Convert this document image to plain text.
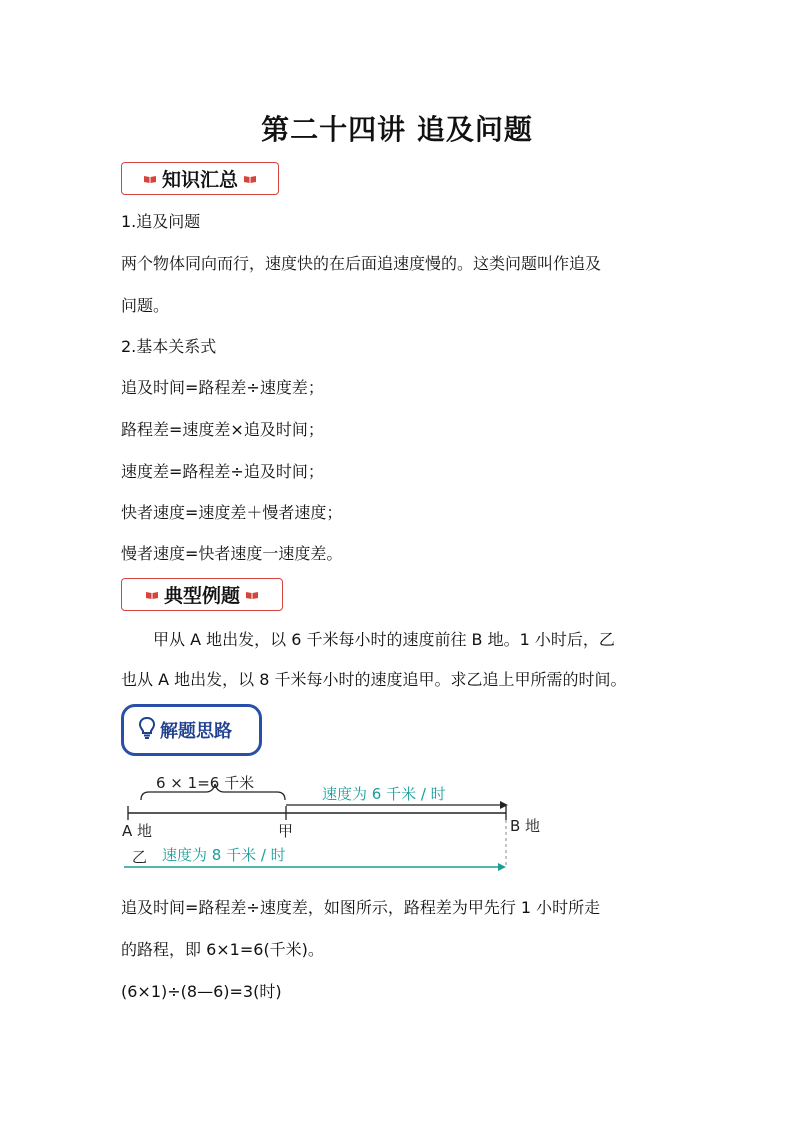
第二十四讲 追及问题
知识汇总
1.追及问题
两个物体同向而行，速度快的在后面追速度慢的。这类问题叫作追及
问题。
2.基本关系式
追及时间=路程差÷速度差；
路程差=速度差×追及时间；
速度差=路程差÷追及时间；
快者速度=速度差＋慢者速度；
慢者速度=快者速度一速度差。
典型例题
甲从 A 地出发，以 6 千米每小时的速度前往 B 地。1 小时后，乙
也从 A 地出发，以 8 千米每小时的速度追甲。求乙追上甲所需的时间。
解题思路
6 × 1=6 千米
速度为 6 千米 / 时
A 地	甲	B 地
乙 速度为 8 千米 / 时
追及时间=路程差÷速度差，如图所示，路程差为甲先行 1 小时所走
的路程，即 6×1=6(千米)。
(6×1)÷(8—6)=3(时)
